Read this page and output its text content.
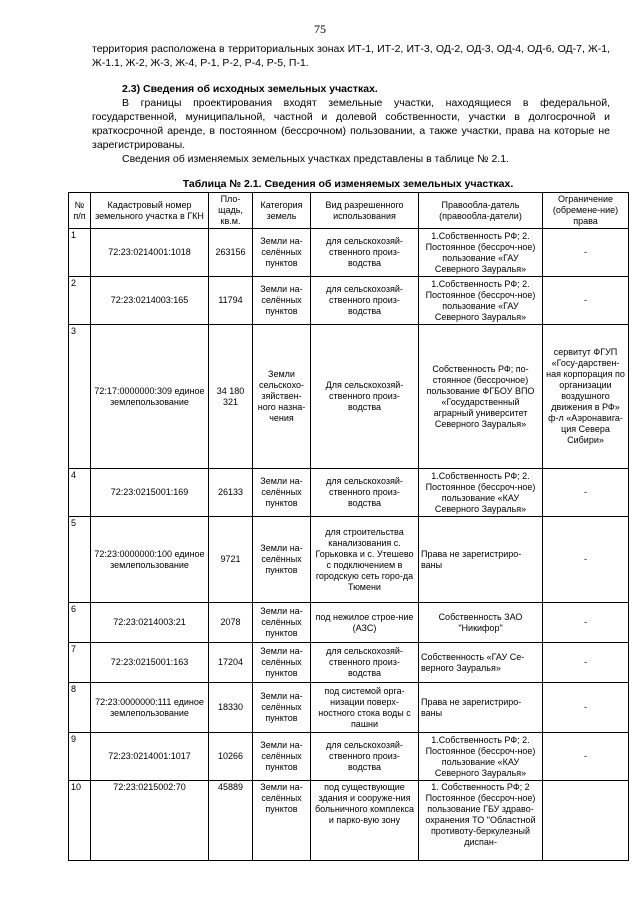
75

территория расположена в территориальных зонах ИТ-1, ИТ-2, ИТ-3, ОД-2, ОД-3, ОД-4, ОД-6, ОД-7, Ж-1, Ж-1.1, Ж-2, Ж-3, Ж-4, Р-1, Р-2, Р-4, Р-5, П-1.

2.3) Сведения об исходных земельных участках.

В границы проектирования входят земельные участки, находящиеся в федеральной, государственной, муниципальной, частной и долевой собственности, участки в долгосрочной и краткосрочной аренде, в постоянном (бессрочном) пользовании, а также участки, права на которые не зарегистрированы.

Сведения об изменяемых земельных участках представлены в таблице № 2.1.

Таблица № 2.1. Сведения об изменяемых земельных участках.
№ п/п	Кадастровый номер земельного участка в ГКН	Пло-щадь, кв.м.	Категория земель	Вид разрешенного использования	Правообла-датель (правообла-датели)	Ограничение (обремене-ние) права
1	72:23:0214001:1018	263156	Земли на-селённых пунктов	для сельскохозяй-ственного произ-водства	1.Собственность РФ; 2. Постоянное (бессроч-ное) пользование «ГАУ Северного Зауралья»	-
2	72:23:0214003:165	11794	Земли на-селённых пунктов	для сельскохозяй-ственного произ-водства	1.Собственность РФ; 2. Постоянное (бессроч-ное) пользование «ГАУ Северного Зауралья»	-
3	72:17:0000000:309 единое землепользование	34 180 321	Земли сельскохо-зяйствен-ного назна-чения	Для сельскохозяй-ственного произ-водства	Собственность РФ; по-стоянное (бессрочное) пользование ФГБОУ ВПО «Государственный аграрный университет Северного Зауралья»	сервитут ФГУП «Госу-дарствен-ная корпорация по организации воздушного движения в РФ» ф-л «Аэронавига-ция Севера Сибири»
4	72:23:0215001:169	26133	Земли на-селённых пунктов	для сельскохозяй-ственного произ-водства	1.Собственность РФ; 2. Постоянное (бессроч-ное) пользование «КАУ Северного Зауралья»	-
5	72:23:0000000:100 единое землепользование	9721	Земли на-селённых пунктов	для строительства канализования с. Горьковка и с. Утешево с подключением в городскую сеть горо-да Тюмени	Права не зарегистриро-ваны	-
6	72:23:0214003:21	2078	Земли на-селённых пунктов	под нежилое строе-ние (АЗС)	Собственность ЗАО "Никифор"	-
7	72:23:0215001:163	17204	Земли на-селённых пунктов	для сельскохозяй-ственного произ-водства	Собственность «ГАУ Се-верного Зауралья»	-
8	72:23:0000000:111 единое землепользование	18330	Земли на-селённых пунктов	под системой орга-низации поверх-ностного стока воды с пашни	Права не зарегистриро-ваны	-
9	72:23:0214001:1017	10266	Земли на-селённых пунктов	для сельскохозяй-ственного произ-водства	1.Собственность РФ; 2. Постоянное (бессроч-ное) пользование «КАУ Северного Зауралья»	-
10	72:23:0215002:70	45889	Земли на-селённых пунктов	под существующие здания и сооруже-ния больничного комплекса и парко-вую зону	1. Собственность РФ; 2 Постоянное (бессроч-ное) пользование ГБУ здраво-охранения ТО "Областной противоту-беркулезный диспан-	
